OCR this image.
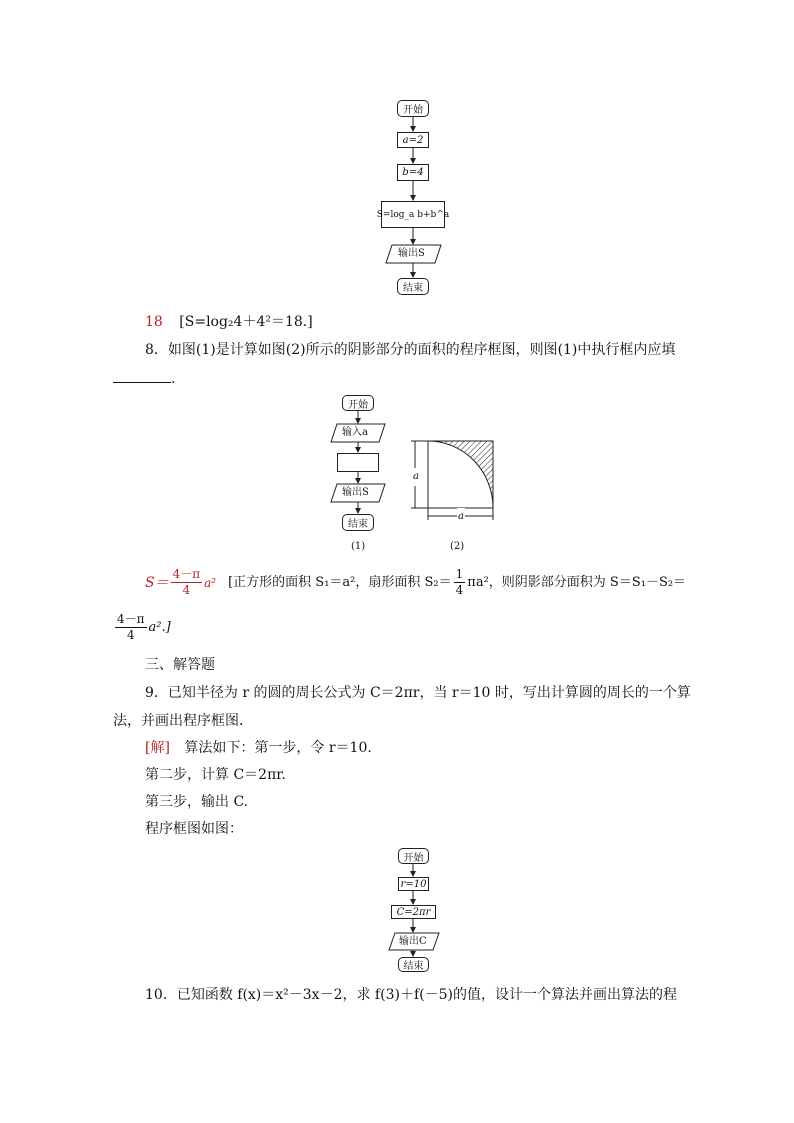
开始
a=2
b=4
S=log_a b+b^a
输出S
结束
18 [S=log₂4＋4²＝18.]
8．如图(1)是计算如图(2)所示的阴影部分的面积的程序框图，则图(1)中执行框内应填
.
开始
输入a
输出S
结束
(1)	(2)
a
a
$S= \frac{4-\pi}{4} a^2$ [正方形的面积 S₁＝a²，扇形面积 $S_2= \frac{1}{4} \pi a^2$，则阴影部分面积为 S＝S₁－S₂＝
$\frac{4-\pi}{4} a^2$.]
三、解答题
9．已知半径为 r 的圆的周长公式为 C＝2πr，当 r＝10 时，写出计算圆的周长的一个算
法，并画出程序框图．
[解] 算法如下：第一步，令 r＝10.
第二步，计算 C＝2πr.
第三步，输出 C.
程序框图如图：
开始
r=10
C=2πr
输出C
结束
10．已知函数 f(x)＝x²－3x－2，求 f(3)＋f(－5)的值，设计一个算法并画出算法的程
